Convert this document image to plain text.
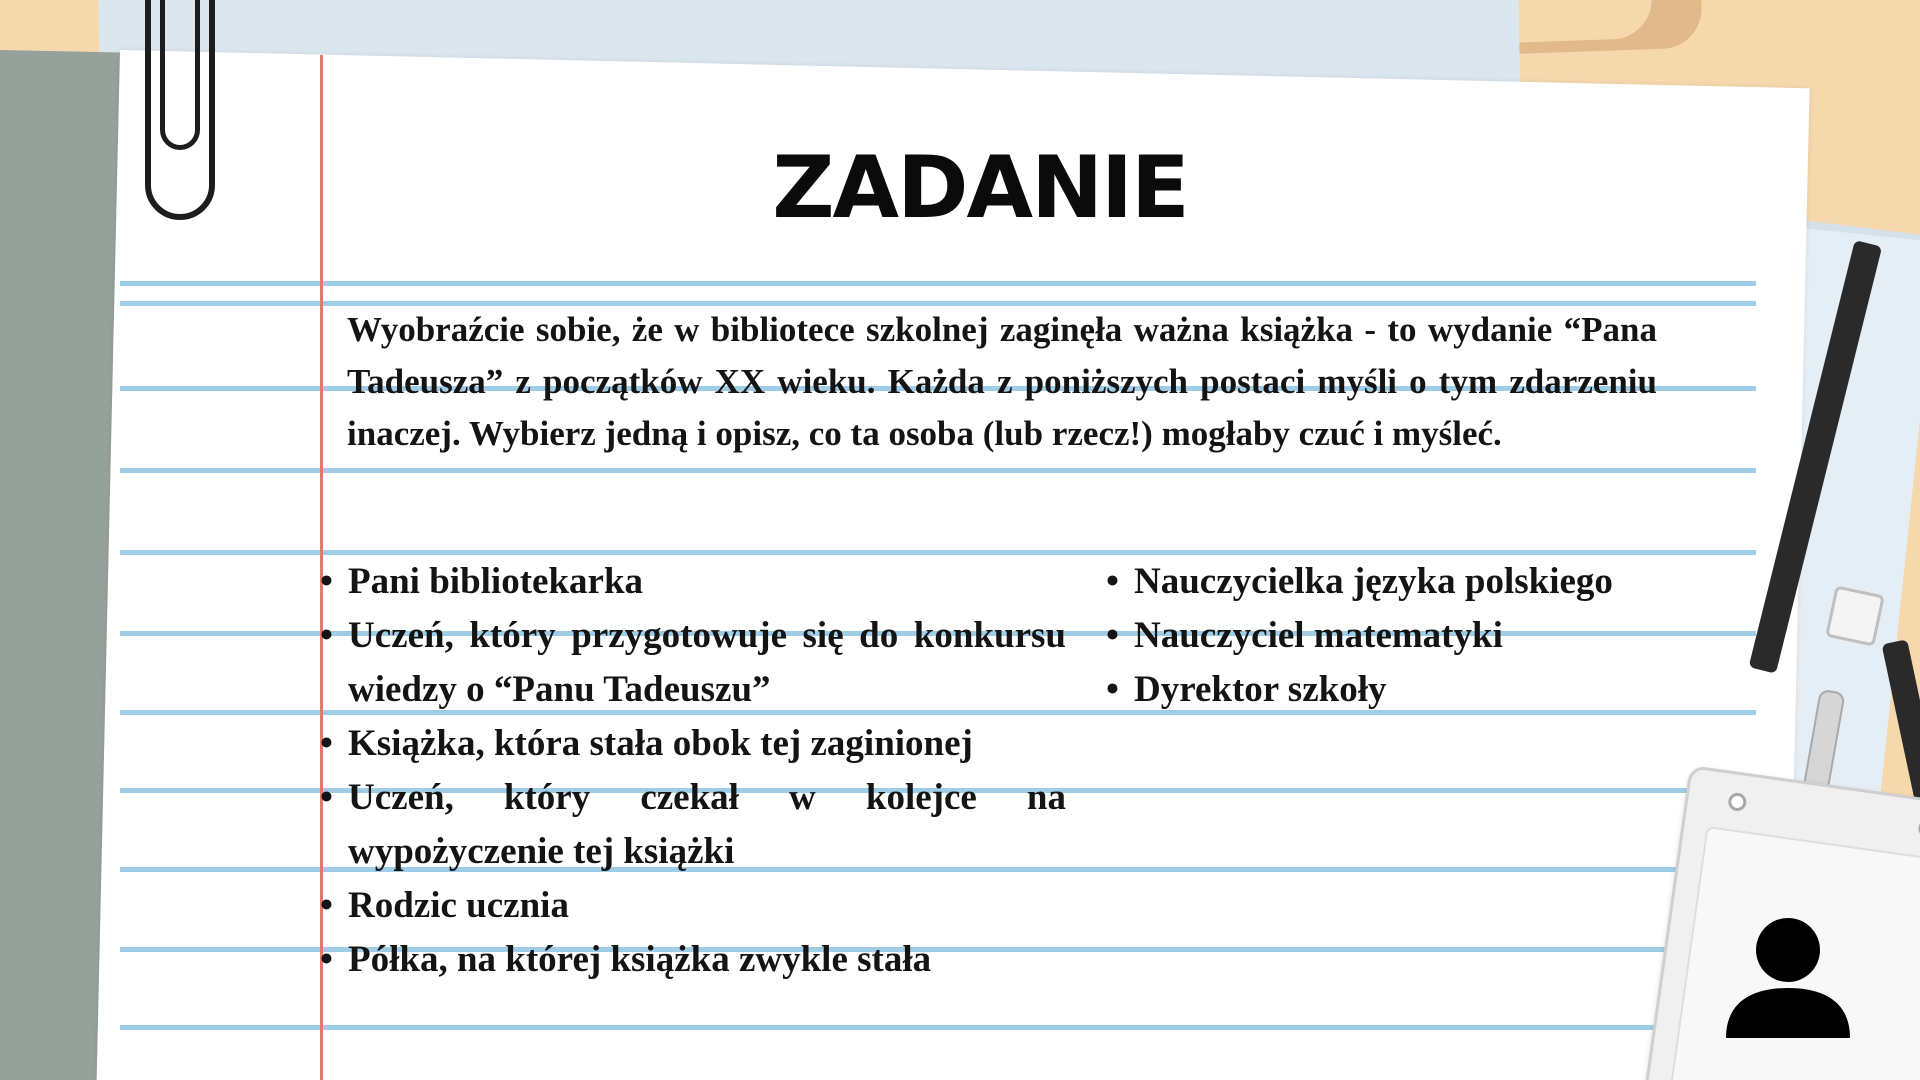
ZADANIE
Wyobraźcie sobie, że w bibliotece szkolnej zaginęła ważna książka - to wydanie “Pana Tadeusza” z początków XX wieku. Każda z poniższych postaci myśli o tym zdarzeniu inaczej. Wybierz jedną i opisz, co ta osoba (lub rzecz!) mogłaby czuć i myśleć.
• Pani bibliotekarka
• Uczeń, który przygotowuje się do konkursu wiedzy o “Panu Tadeuszu”
• Książka, która stała obok tej zaginionej
• Uczeń, który czekał w kolejce na wypożyczenie tej książki
• Rodzic ucznia
• Półka, na której książka zwykle stała
• Nauczycielka języka polskiego
• Nauczyciel matematyki
• Dyrektor szkoły
